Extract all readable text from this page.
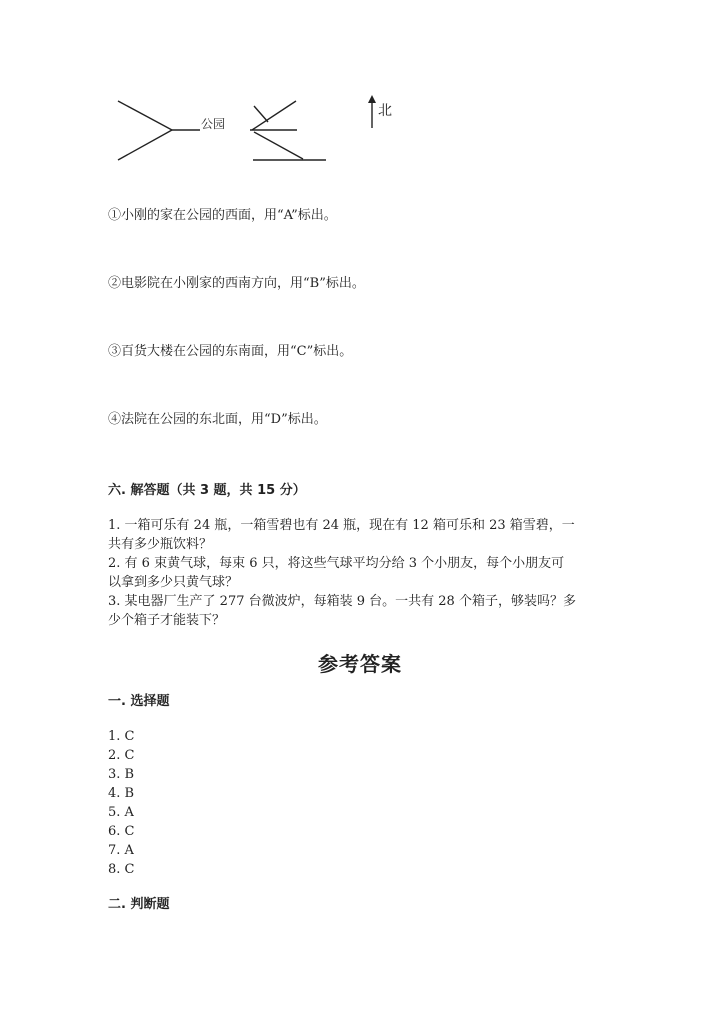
公园
北
①小刚的家在公园的西面，用“A”标出。
②电影院在小刚家的西南方向，用“B”标出。
③百货大楼在公园的东南面，用“C”标出。
④法院在公园的东北面，用“D”标出。
六. 解答题（共 3 题，共 15 分）
1. 一箱可乐有 24 瓶，一箱雪碧也有 24 瓶，现在有 12 箱可乐和 23 箱雪碧，一
共有多少瓶饮料？
2. 有 6 束黄气球，每束 6 只，将这些气球平均分给 3 个小朋友，每个小朋友可
以拿到多少只黄气球？
3. 某电器厂生产了 277 台微波炉，每箱装 9 台。一共有 28 个箱子，够装吗？多
少个箱子才能装下？
参考答案
一. 选择题
1. C
2. C
3. B
4. B
5. A
6. C
7. A
8. C
二. 判断题
